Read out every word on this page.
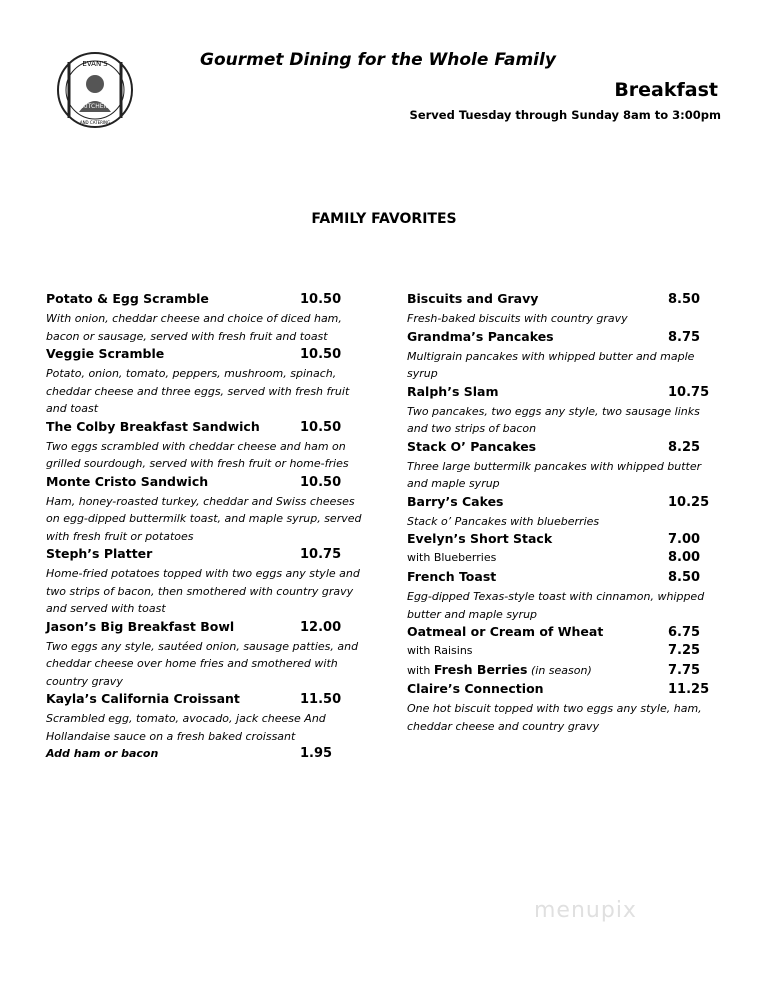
EVAN'S
KITCHEN
AND CATERING

Gourmet Dining for the Whole Family

Breakfast

Served Tuesday through Sunday 8am to 3:00pm

FAMILY FAVORITES

Potato & Egg Scramble	10.50

With onion, cheddar cheese and choice of diced ham, bacon or sausage, served with fresh fruit and toast

Veggie Scramble	10.50

Potato, onion, tomato, peppers, mushroom, spinach, cheddar cheese and three eggs, served with fresh fruit and toast

The Colby Breakfast Sandwich	10.50

Two eggs scrambled with cheddar cheese and ham on grilled sourdough, served with fresh fruit or home-fries

Monte Cristo Sandwich	10.50

Ham, honey-roasted turkey, cheddar and Swiss cheeses on egg-dipped buttermilk toast, and maple syrup, served with fresh fruit or potatoes

Steph’s Platter	10.75

Home-fried potatoes topped with two eggs any style and two strips of bacon, then smothered with country gravy and served with toast

Jason’s Big Breakfast Bowl	12.00

Two eggs any style, sautéed onion, sausage patties, and cheddar cheese over home fries and smothered with country gravy

Kayla’s California Croissant	11.50

Scrambled egg, tomato, avocado, jack cheese And Hollandaise sauce on a fresh baked croissant

Add ham or bacon	1.95
Biscuits and Gravy	8.50

Fresh-baked biscuits with country gravy

Grandma’s Pancakes	8.75

Multigrain pancakes with whipped butter and maple syrup

Ralph’s Slam	10.75

Two pancakes, two eggs any style, two sausage links and two strips of bacon

Stack O’ Pancakes	8.25

Three large buttermilk pancakes with whipped butter and maple syrup

Barry’s Cakes	10.25

Stack o’ Pancakes with blueberries

Evelyn’s Short Stack	7.00
with Blueberries	8.00
French Toast	8.50

Egg-dipped Texas-style toast with cinnamon, whipped butter and maple syrup

Oatmeal or Cream of Wheat	6.75
with Raisins	7.25
with Fresh Berries (in season)	7.75
Claire’s Connection	11.25

One hot biscuit topped with two eggs any style, ham, cheddar cheese and country gravy

menupix
